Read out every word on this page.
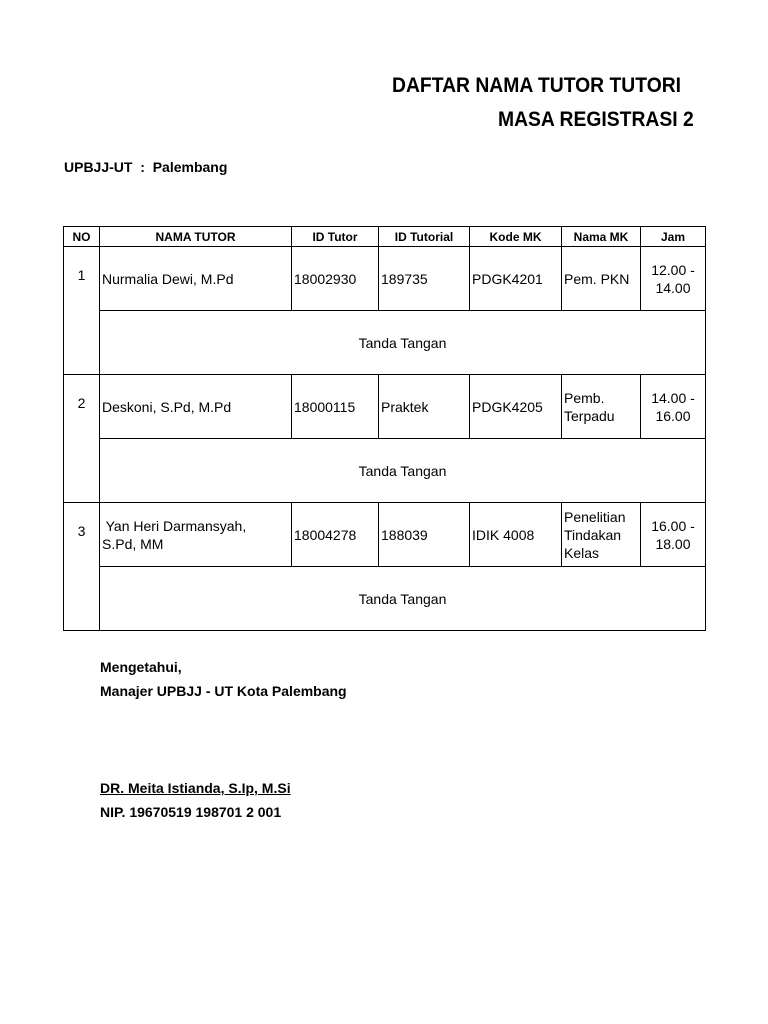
DAFTAR NAMA TUTOR TUTORI
MASA REGISTRASI 2
UPBJJ-UT : Palembang
NO	NAMA TUTOR	ID Tutor	ID Tutorial	Kode MK	Nama MK	Jam
1	Nurmalia Dewi, M.Pd	18002930	189735	PDGK4201	Pem. PKN	12.00 -
14.00
	Tanda Tangan					
2	Deskoni, S.Pd, M.Pd	18000115	Praktek	PDGK4205	Pemb.
Terpadu	14.00 -
16.00
	Tanda Tangan					
3	Yan Heri Darmansyah,
S.Pd, MM	18004278	188039	IDIK 4008	Penelitian
Tindakan
Kelas	16.00 -
18.00
	Tanda Tangan					
Mengetahui,
Manajer UPBJJ - UT Kota Palembang
DR. Meita Istianda, S.Ip, M.Si
NIP. 19670519 198701 2 001
